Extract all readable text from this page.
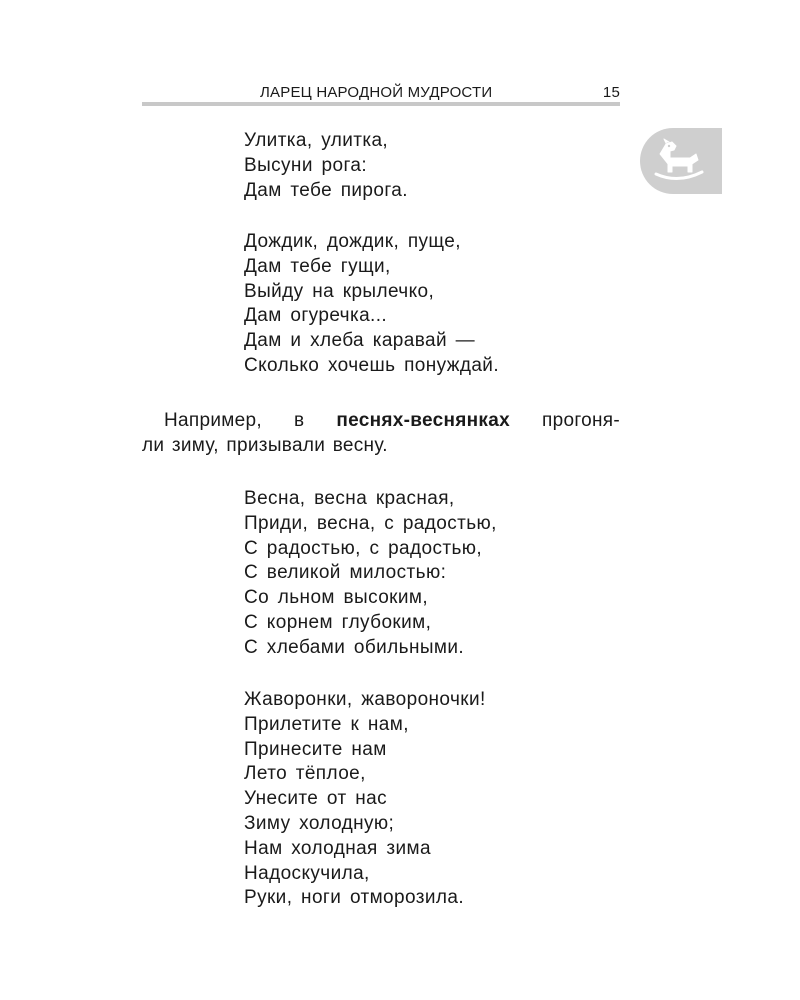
ЛАРЕЦ НАРОДНОЙ МУДРОСТИ	15
Улитка, улитка,
Высуни рога:
Дам тебе пирога.
Дождик, дождик, пуще,
Дам тебе гущи,
Выйду на крылечко,
Дам огуречка...
Дам и хлеба каравай —
Сколько хочешь понуждай.
Например, в песнях-веснянках прогоня-
ли зиму, призывали весну.
Весна, весна красная,
Приди, весна, с радостью,
С радостью, с радостью,
С великой милостью:
Со льном высоким,
С корнем глубоким,
С хлебами обильными.
Жаворонки, жавороночки!
Прилетите к нам,
Принесите нам
Лето тёплое,
Унесите от нас
Зиму холодную;
Нам холодная зима
Надоскучила,
Руки, ноги отморозила.
